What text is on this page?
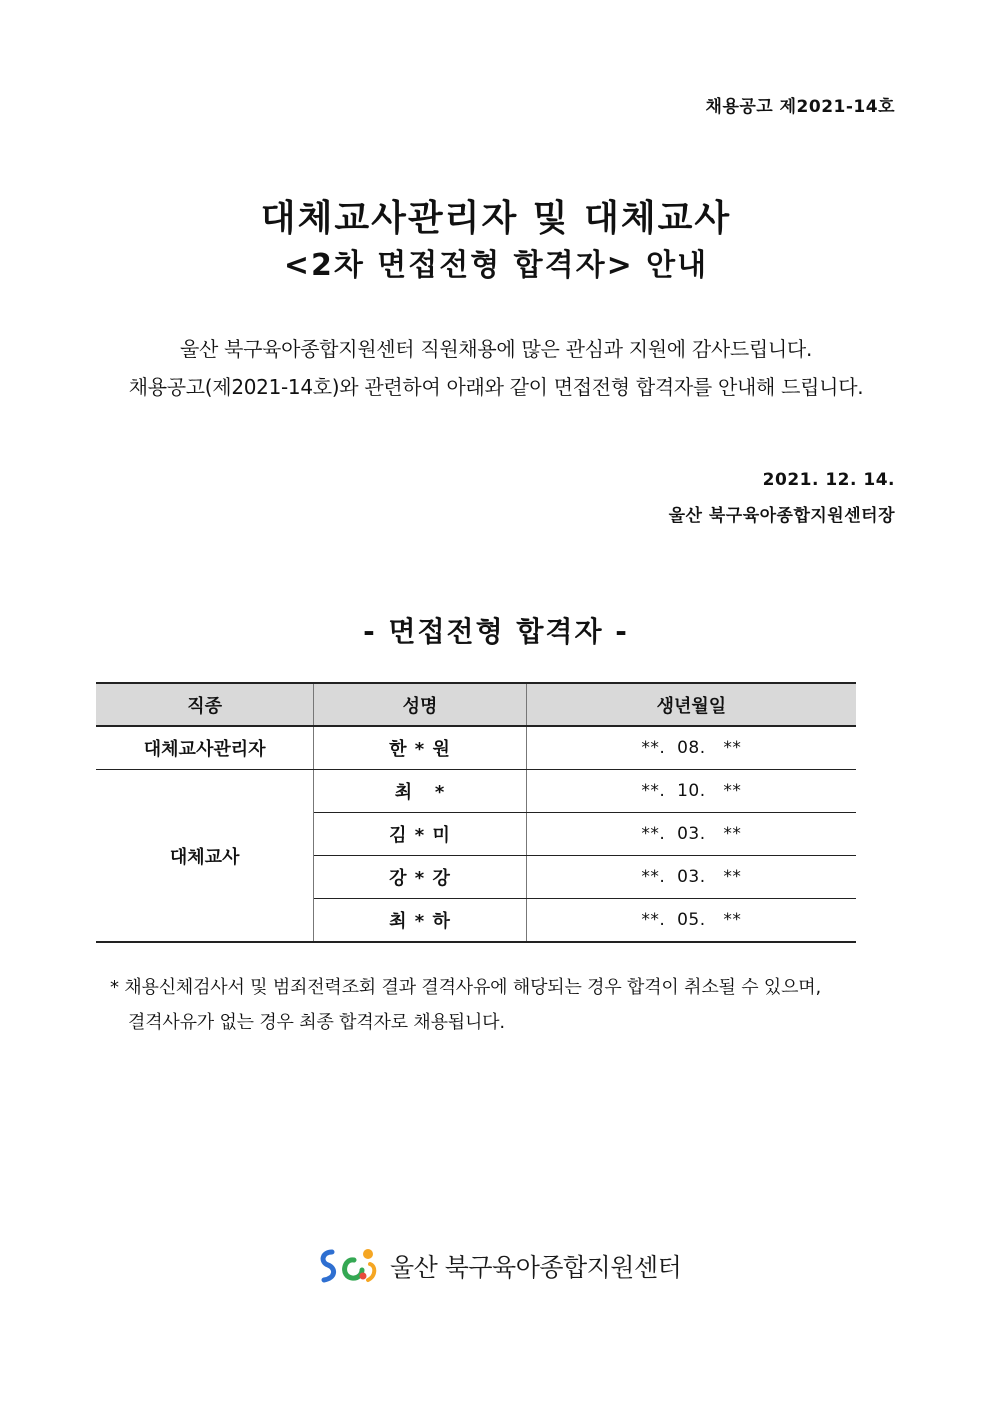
채용공고 제2021-14호
대체교사관리자 및 대체교사
<2차 면접전형 합격자> 안내
울산 북구육아종합지원센터 직원채용에 많은 관심과 지원에 감사드립니다.
채용공고(제2021-14호)와 관련하여 아래와 같이 면접전형 합격자를 안내해 드립니다.
2021. 12. 14.
울산 북구육아종합지원센터장
- 면접전형 합격자 -
직종	성명	생년월일
대체교사관리자	한 * 원	**.  08.   **
대체교사	최   *	**.  10.   **
	김 * 미	**.  03.   **
	강 * 강	**.  03.   **
	최 * 하	**.  05.   **
* 채용신체검사서 및 범죄전력조회 결과 결격사유에 해당되는 경우 합격이 취소될 수 있으며,
결격사유가 없는 경우 최종 합격자로 채용됩니다.
울산 북구육아종합지원센터
